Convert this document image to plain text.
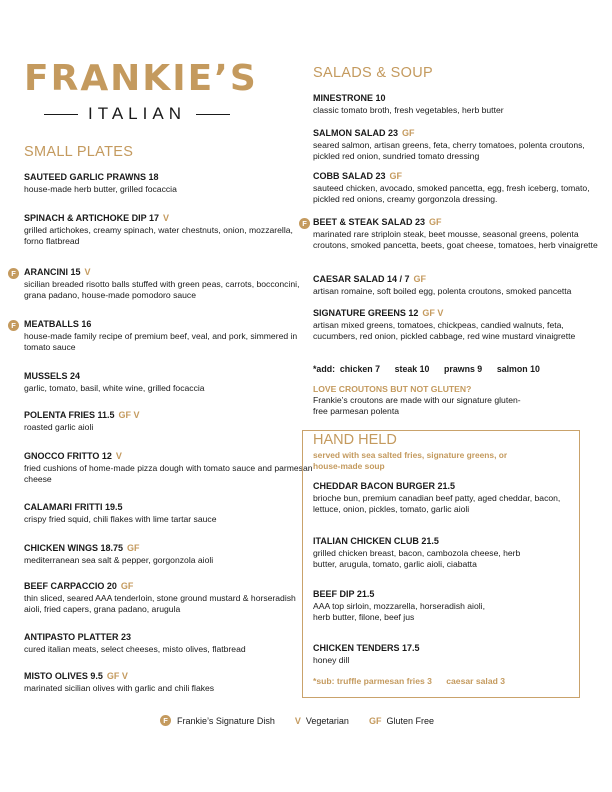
FRANKIE’S
ITALIAN
SMALL PLATES
SALADS & SOUP
SAUTEED GARLIC PRAWNS 18
house-made herb butter, grilled focaccia
SPINACH & ARTICHOKE DIP 17 V
grilled artichokes, creamy spinach, water chestnuts, onion, mozzarella, forno flatbread
F ARANCINI 15 V
sicilian breaded risotto balls stuffed with green peas, carrots, bocconcini, grana padano, house-made pomodoro sauce
F MEATBALLS 16
house-made family recipe of premium beef, veal, and pork, simmered in tomato sauce
MUSSELS 24
garlic, tomato, basil, white wine, grilled focaccia
POLENTA FRIES 11.5 GF V
roasted garlic aioli
GNOCCO FRITTO 12 V
fried cushions of home-made pizza dough with tomato sauce and parmesan cheese
CALAMARI FRITTI 19.5
crispy fried squid, chili flakes with lime tartar sauce
CHICKEN WINGS 18.75 GF
mediterranean sea salt & pepper, gorgonzola aioli
BEEF CARPACCIO 20 GF
thin sliced, seared AAA tenderloin, stone ground mustard & horseradish aioli, fried capers, grana padano, arugula
ANTIPASTO PLATTER 23
cured italian meats, select cheeses, misto olives, flatbread
MISTO OLIVES 9.5 GF V
marinated sicilian olives with garlic and chili flakes
MINESTRONE 10
classic tomato broth, fresh vegetables, herb butter
SALMON SALAD 23 GF
seared salmon, artisan greens, feta, cherry tomatoes, polenta croutons, pickled red onion, sundried tomato dressing
COBB SALAD 23 GF
sauteed chicken, avocado, smoked pancetta, egg, fresh iceberg, tomato, pickled red onions, creamy gorgonzola dressing.
F BEET & STEAK SALAD 23 GF
marinated rare striploin steak, beet mousse, seasonal greens, polenta croutons, smoked pancetta, beets, goat cheese, tomatoes, herb vinaigrette
CAESAR SALAD 14 / 7 GF
artisan romaine, soft boiled egg, polenta croutons, smoked pancetta
SIGNATURE GREENS 12 GF V
artisan mixed greens, tomatoes, chickpeas, candied walnuts, feta, cucumbers, red onion, pickled cabbage, red wine mustard vinaigrette
*add:  chicken 7      steak 10      prawns 9      salmon 10
LOVE CROUTONS BUT NOT GLUTEN?
Frankie’s croutons are made with our signature gluten-free parmesan polenta
HAND HELD
served with sea salted fries, signature greens, or house-made soup
CHEDDAR BACON BURGER 21.5
brioche bun, premium canadian beef patty, aged cheddar, bacon, lettuce, onion, pickles, tomato, garlic aioli
ITALIAN CHICKEN CLUB 21.5
grilled chicken breast, bacon, cambozola cheese, herb butter, arugula, tomato, garlic aioli, ciabatta
BEEF DIP 21.5
AAA top sirloin, mozzarella, horseradish aioli, herb butter, filone, beef jus
CHICKEN TENDERS 17.5
honey dill
*sub: truffle parmesan fries 3      caesar salad 3
F	Frankie’s Signature Dish V Vegetarian GF Gluten Free
